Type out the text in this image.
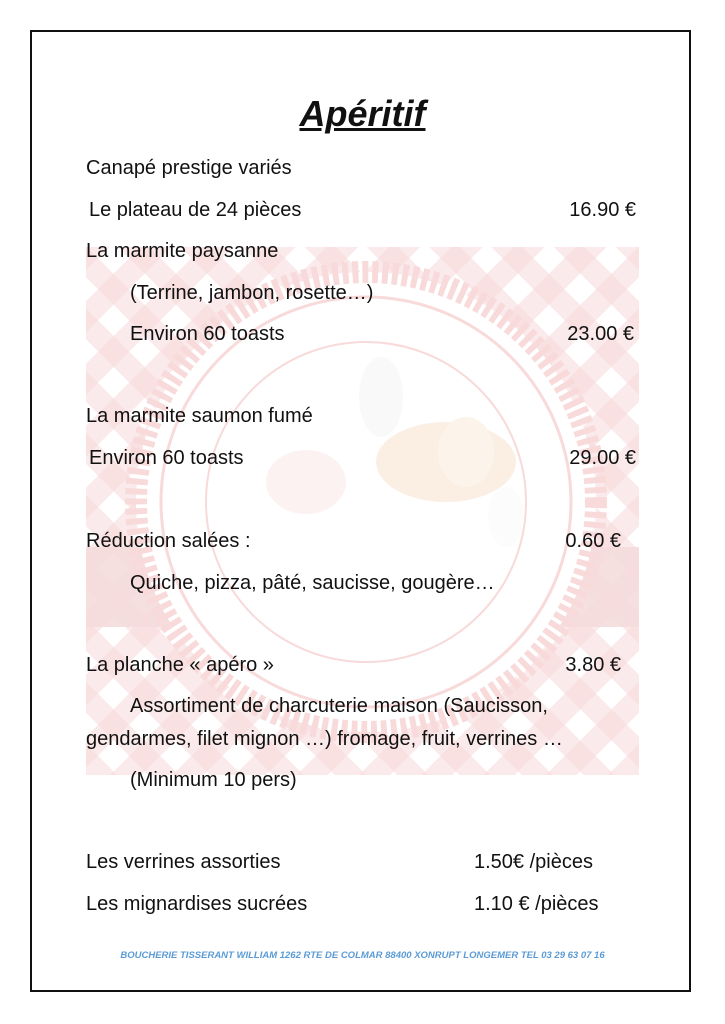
Apéritif
Canapé prestige variés
Le plateau de 24 pièces	16.90 €
La marmite paysanne
(Terrine, jambon, rosette…)
Environ 60 toasts	23.00 €
La marmite saumon fumé
Environ 60 toasts	29.00 €
Réduction salées :	0.60 €
Quiche, pizza, pâté, saucisse, gougère…
La planche « apéro »	3.80 €
Assortiment de charcuterie maison (Saucisson,
gendarmes, filet mignon …) fromage, fruit, verrines …
(Minimum 10 pers)
Les verrines assorties	1.50€ /pièces
Les mignardises sucrées	1.10 € /pièces
BOUCHERIE TISSERANT WILLIAM 1262 RTE DE COLMAR 88400 XONRUPT LONGEMER TEL 03 29 63 07 16
